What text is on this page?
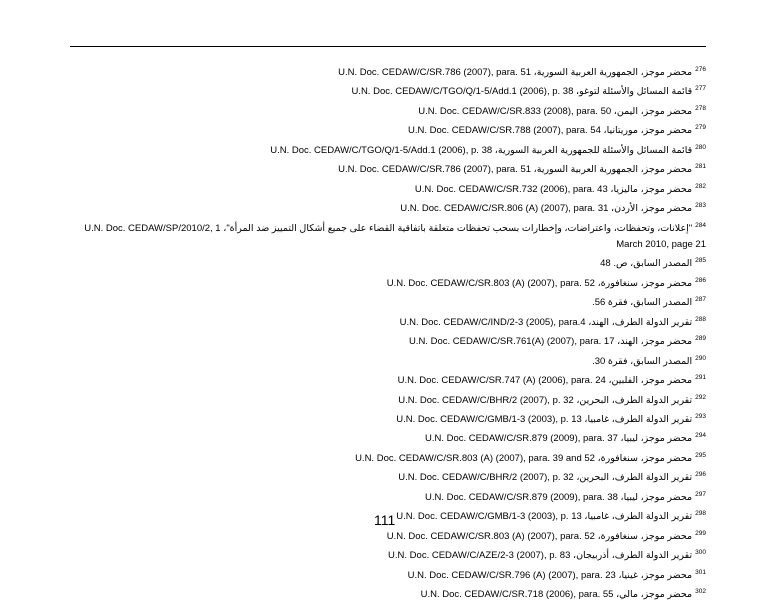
$^{276}$محضر موجز، الجمهورية العربية السورية، U.N. Doc. CEDAW/C/SR.786 (2007), para. 51
$^{277}$قائمة المسائل والأسئلة لتوغو، U.N. Doc. CEDAW/C/TGO/Q/1-5/Add.1 (2006), p. 38
$^{278}$محضر موجز، اليمن، U.N. Doc. CEDAW/C/SR.833 (2008), para. 50
$^{279}$محضر موجز، موريتانيا، U.N. Doc. CEDAW/C/SR.788 (2007), para. 54
$^{280}$قائمة المسائل والأسئلة للجمهورية العربية السورية، U.N. Doc. CEDAW/C/TGO/Q/1-5/Add.1 (2006), p. 38
$^{281}$محضر موجز، الجمهورية العربية السورية، U.N. Doc. CEDAW/C/SR.786 (2007), para. 51
$^{282}$محضر موجز، ماليزيا، U.N. Doc. CEDAW/C/SR.732 (2006), para. 43
$^{283}$محضر موجز، الأردن، U.N. Doc. CEDAW/C/SR.806 (A) (2007), para. 31
$^{284}$"إعلانات، وتحفظات، واعتراضات، وإخطارات بسحب تحفظات متعلقة باتفاقية القضاء على جميع أشكال التمييز ضد المرأة"، U.N. Doc. CEDAW/SP/2010/2, 1 March 2010, page 21
$^{285}$المصدر السابق، ص. 48
$^{286}$محضر موجز، سنغافورة، U.N. Doc. CEDAW/C/SR.803 (A) (2007), para. 52
$^{287}$المصدر السابق، فقرة 56.
$^{288}$تقرير الدولة الطرف، الهند، U.N. Doc. CEDAW/C/IND/2-3 (2005), para.4
$^{289}$محضر موجز، الهند، U.N. Doc. CEDAW/C/SR.761(A) (2007), para. 17
$^{290}$المصدر السابق، فقرة 30.
$^{291}$محضر موجز، الفلبين، U.N. Doc. CEDAW/C/SR.747 (A) (2006), para. 24
$^{292}$تقرير الدولة الطرف، البحرين، U.N. Doc. CEDAW/C/BHR/2 (2007), p. 32
$^{293}$تقرير الدولة الطرف، غامبيا، U.N. Doc. CEDAW/C/GMB/1-3 (2003), p. 13
$^{294}$محضر موجز، ليبيا، U.N. Doc. CEDAW/C/SR.879 (2009), para. 37
$^{295}$محضر موجز، سنغافورة، U.N. Doc. CEDAW/C/SR.803 (A) (2007), para. 39 and 52
$^{296}$تقرير الدولة الطرف، البحرين، U.N. Doc. CEDAW/C/BHR/2 (2007), p. 32
$^{297}$محضر موجز، ليبيا، U.N. Doc. CEDAW/C/SR.879 (2009), para. 38
$^{298}$تقرير الدولة الطرف، غامبيا، U.N. Doc. CEDAW/C/GMB/1-3 (2003), p. 13
$^{299}$محضر موجز، سنغافورة، U.N. Doc. CEDAW/C/SR.803 (A) (2007), para. 52
$^{300}$تقرير الدولة الطرف، أذربيجان، U.N. Doc. CEDAW/C/AZE/2-3 (2007), p. 83
$^{301}$محضر موجز، غينيا، U.N. Doc. CEDAW/C/SR.796 (A) (2007), para. 23
$^{302}$محضر موجز، مالي، U.N. Doc. CEDAW/C/SR.718 (2006), para. 55
111
